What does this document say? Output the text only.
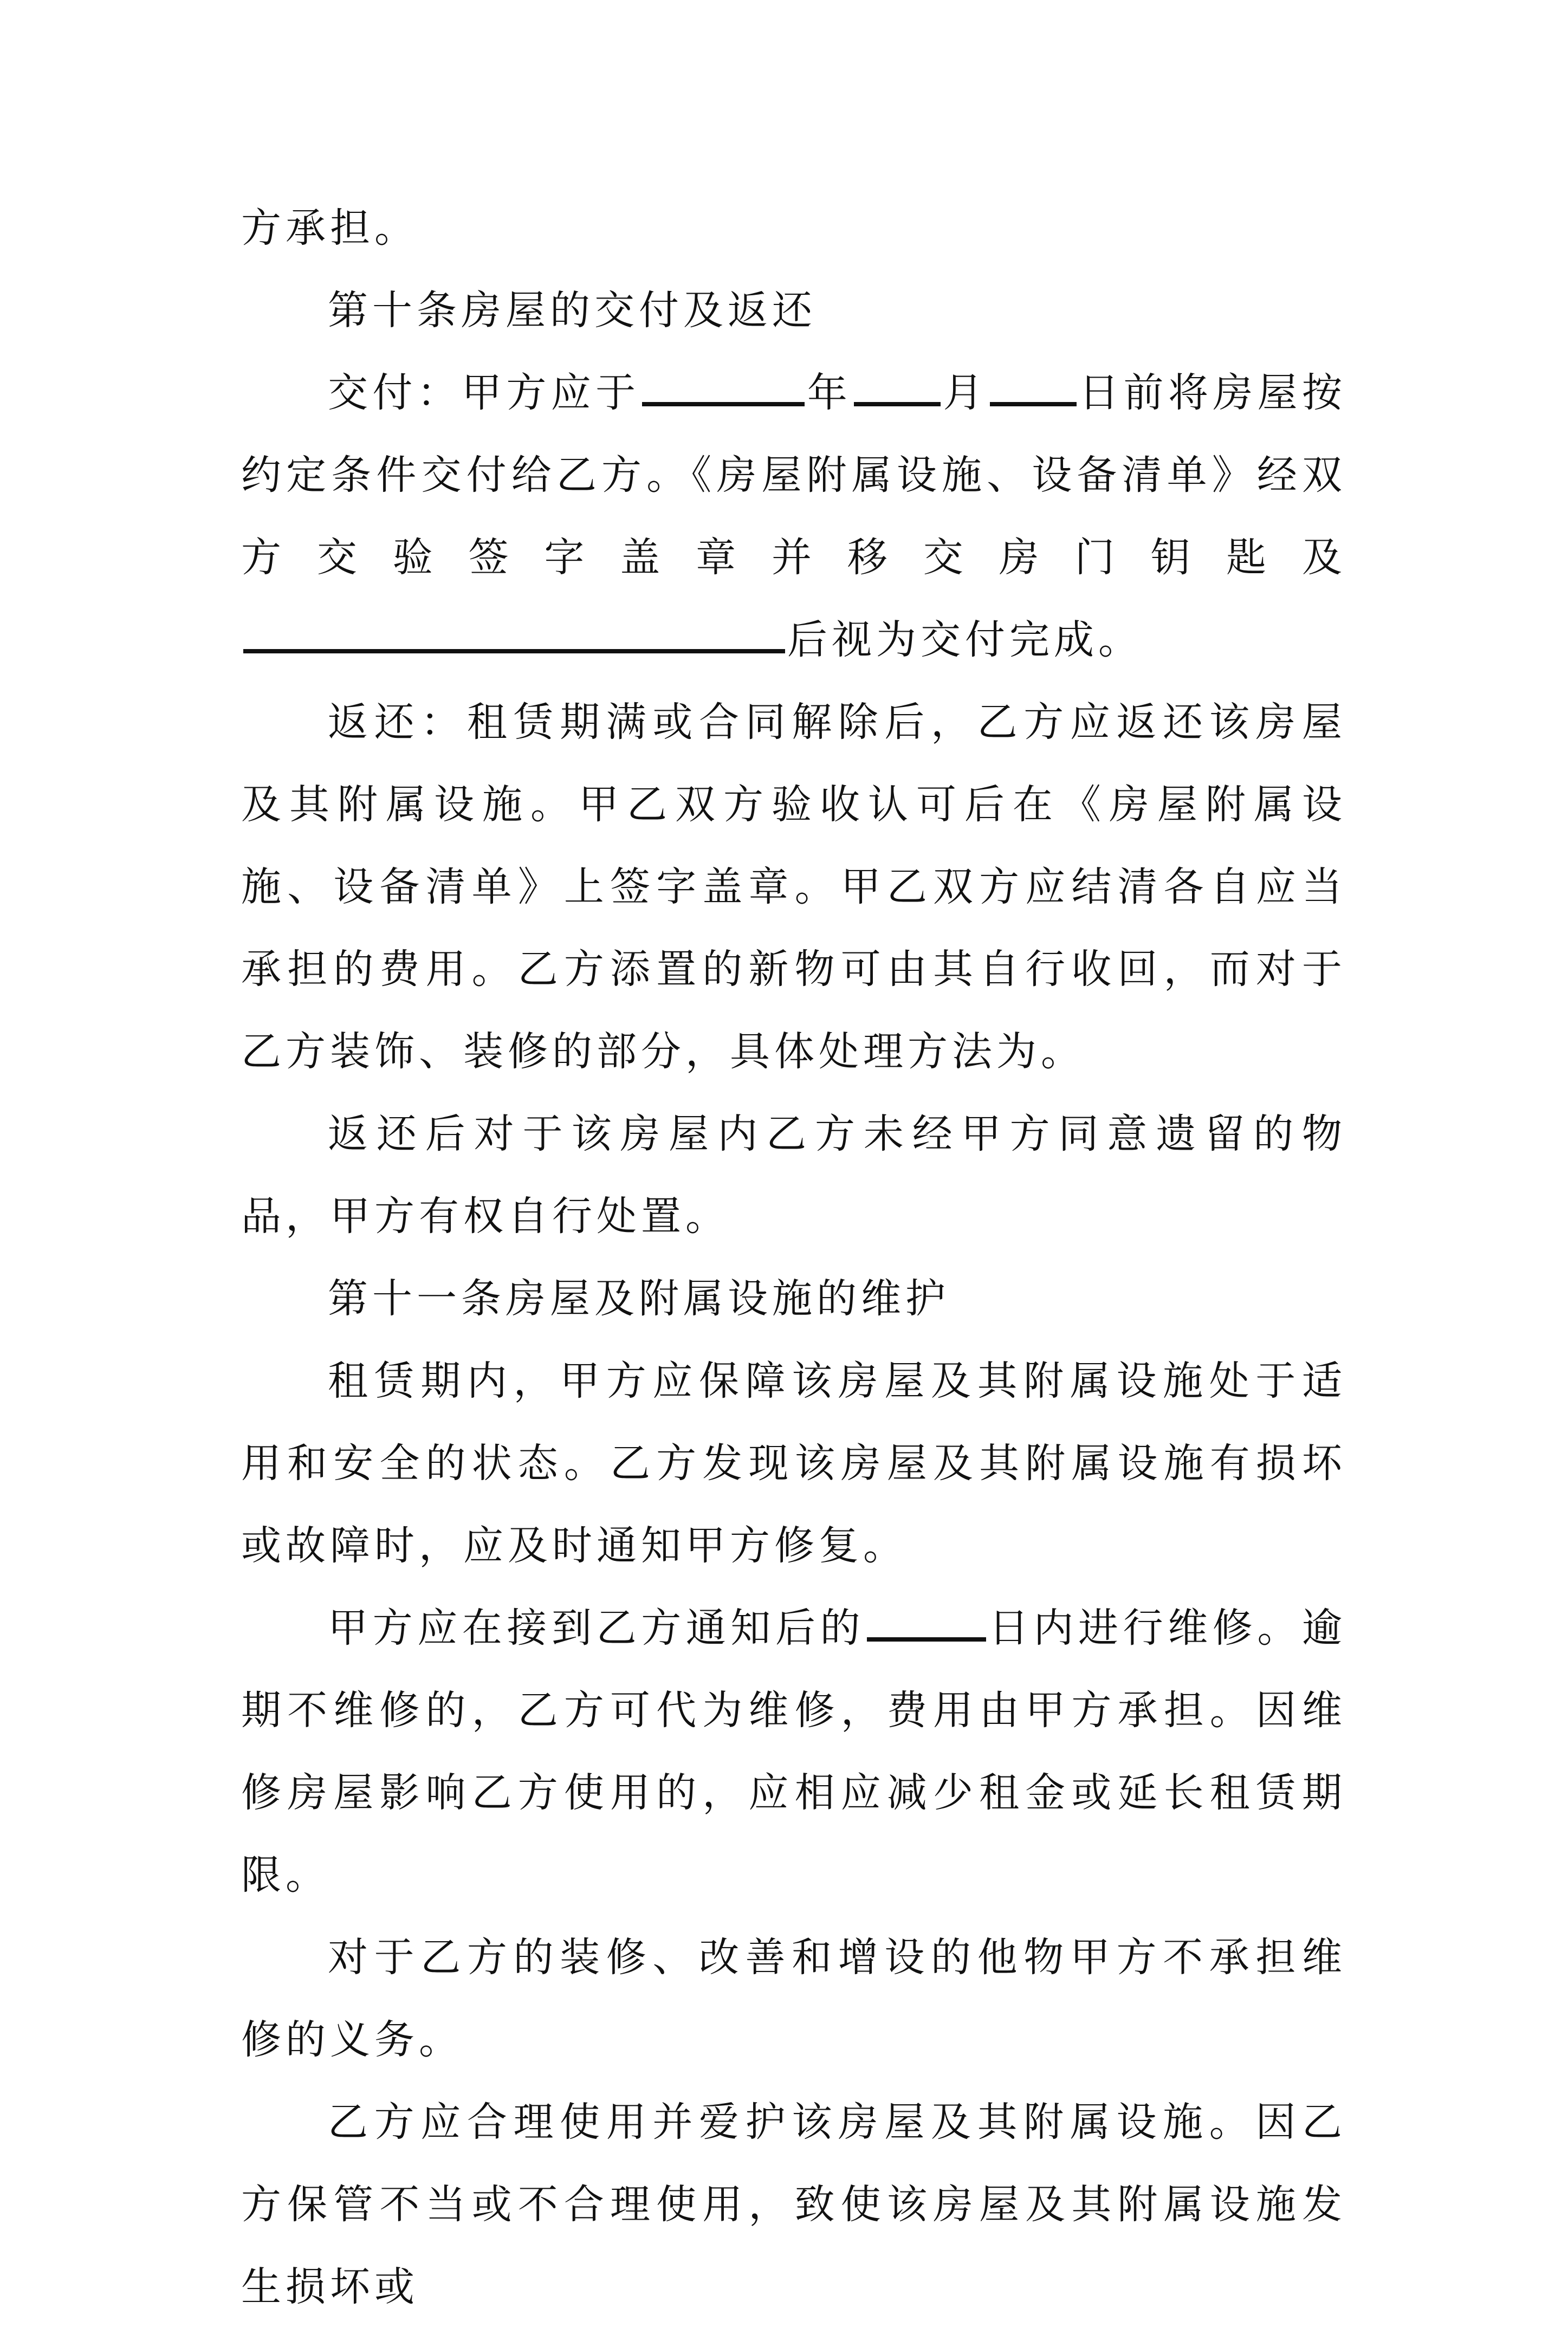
方承担。

第十条房屋的交付及返还

交付：甲方应于	年 月 日前将房屋按约定条件交付给乙方。《房屋附属设施、设备清单》经双方交验签字盖章并移交房门钥匙及后视为交付完成。

返还：租赁期满或合同解除后，乙方应返还该房屋及其附属设施。甲乙双方验收认可后在《房屋附属设施、设备清单》上签字盖章。甲乙双方应结清各自应当承担的费用。乙方添置的新物可由其自行收回，而对于乙方装饰、装修的部分，具体处理方法为。

返还后对于该房屋内乙方未经甲方同意遗留的物品，甲方有权自行处置。

第十一条房屋及附属设施的维护

租赁期内，甲方应保障该房屋及其附属设施处于适用和安全的状态。乙方发现该房屋及其附属设施有损坏或故障时，应及时通知甲方修复。

甲方应在接到乙方通知后的	日内进行维修。逾期不维修的，乙方可代为维修，费用由甲方承担。因维修房屋影响乙方使用的，应相应减少租金或延长租赁期限。

对于乙方的装修、改善和增设的他物甲方不承担维修的义务。

乙方应合理使用并爱护该房屋及其附属设施。因乙方保管不当或不合理使用，致使该房屋及其附属设施发生损坏或
